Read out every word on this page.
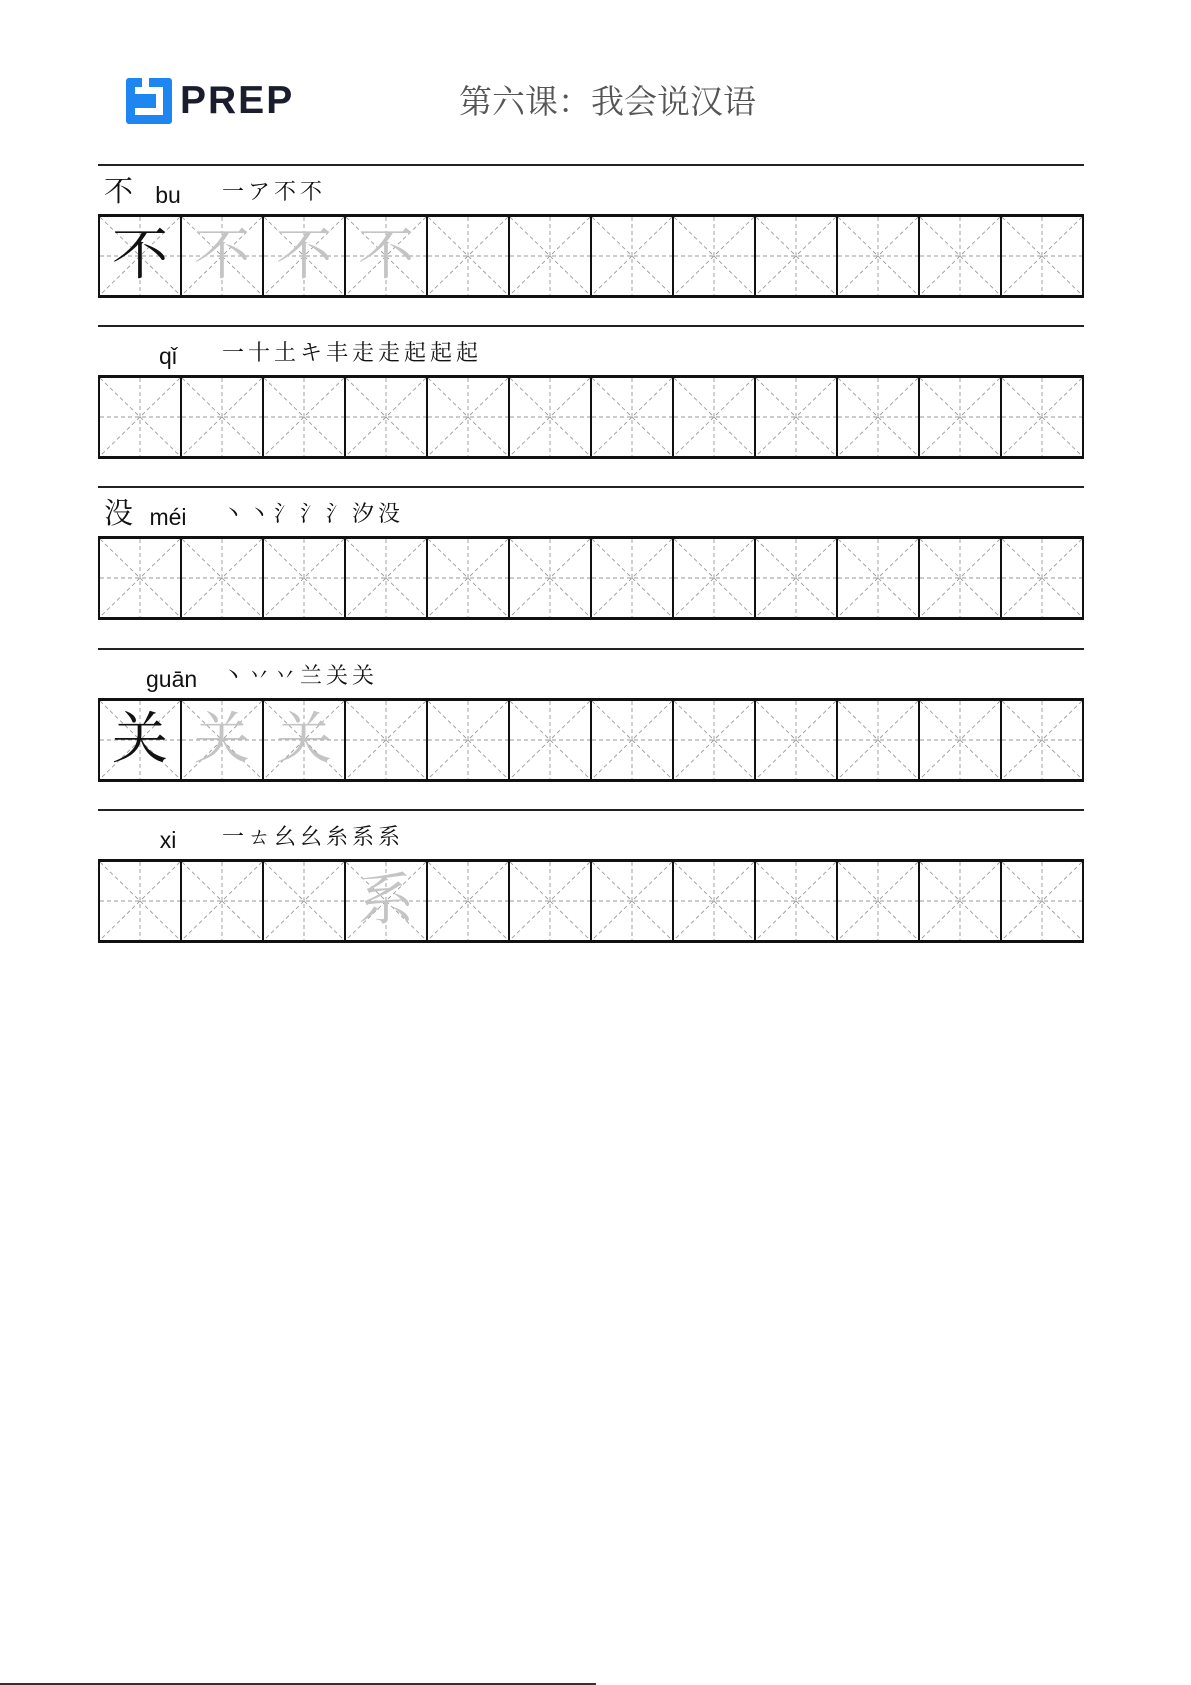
PREP	第六课：我会说汉语
不 bu	一ア不不
不 不 不 不
qǐ	一十土キ丰走走起起起
没 méi 丶丶氵氵氵汐没
guān 丶丷丷兰关关
关 关 关
xi	一ㄊ幺幺糸系系
系
